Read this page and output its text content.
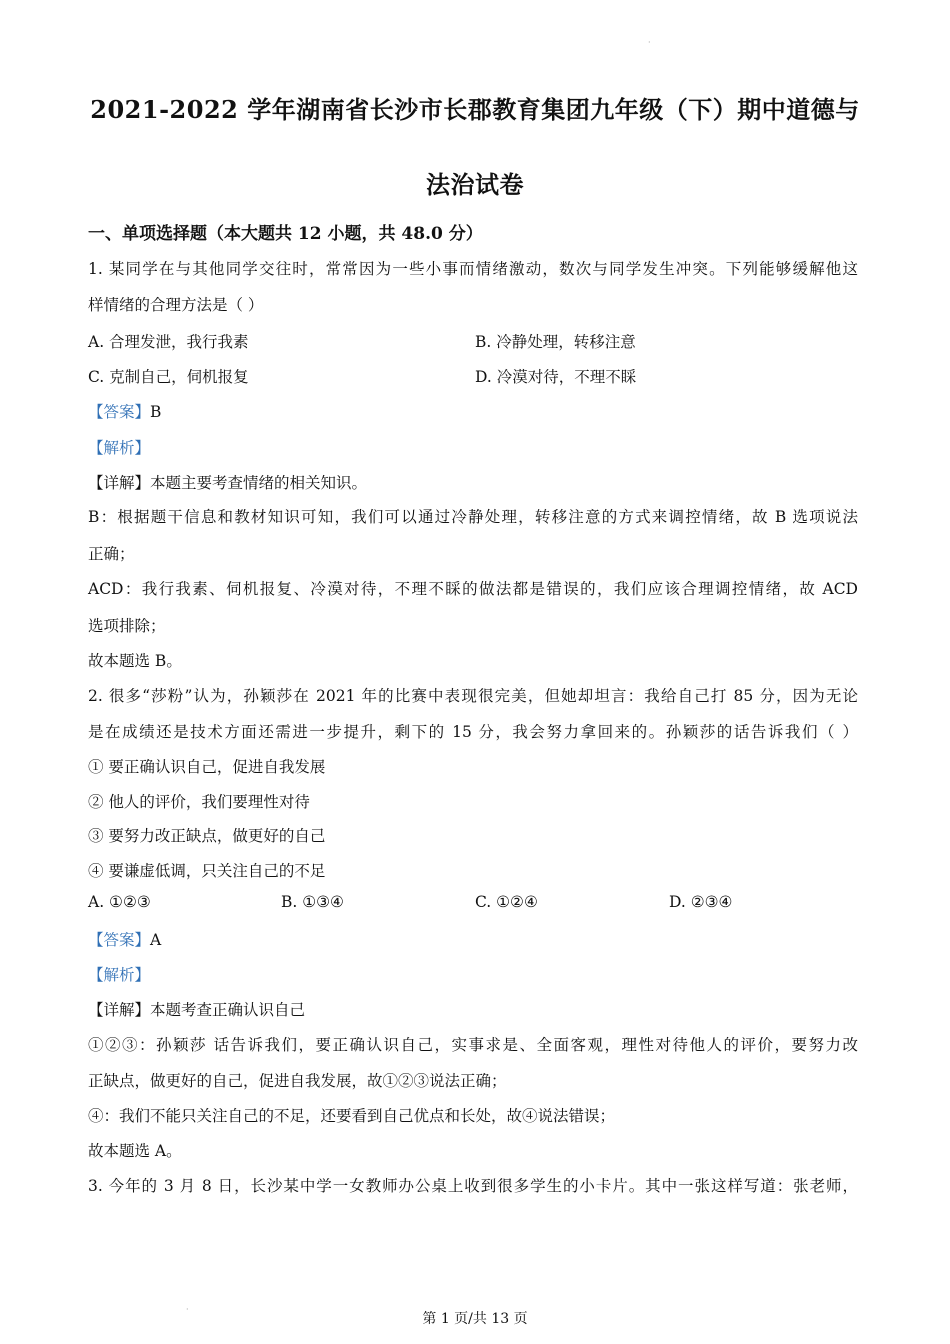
·
2021-2022 学年湖南省长沙市长郡教育集团九年级（下）期中道德与
法治试卷
一、单项选择题（本大题共 12 小题，共 48.0 分）
1. 某同学在与其他同学交往时，常常因为一些小事而情绪激动，数次与同学发生冲突。下列能够缓解他这
样情绪的合理方法是（ ）
A. 合理发泄，我行我素	B. 冷静处理，转移注意
C. 克制自己，伺机报复	D. 冷漠对待，不理不睬
【答案】B
【解析】
【详解】本题主要考查情绪的相关知识。
B：根据题干信息和教材知识可知，我们可以通过冷静处理，转移注意的方式来调控情绪，故 B 选项说法
正确；
ACD：我行我素、伺机报复、冷漠对待，不理不睬的做法都是错误的，我们应该合理调控情绪，故 ACD
选项排除；
故本题选 B。
2. 很多“莎粉”认为，孙颖莎在 2021 年的比赛中表现很完美，但她却坦言：我给自己打 85 分，因为无论
是在成绩还是技术方面还需进一步提升，剩下的 15 分，我会努力拿回来的。孙颖莎的话告诉我们（ ）
① 要正确认识自己，促进自我发展
② 他人的评价，我们要理性对待
③ 要努力改正缺点，做更好的自己
④ 要谦虚低调，只关注自己的不足
A. ①②③	B. ①③④	C. ①②④	D. ②③④
【答案】A
【解析】
【详解】本题考查正确认识自己
①②③：孙颖莎 话告诉我们，要正确认识自己，实事求是、全面客观，理性对待他人的评价，要努力改
正缺点，做更好的自己，促进自我发展，故①②③说法正确；
④：我们不能只关注自己的不足，还要看到自己优点和长处，故④说法错误；
故本题选 A。
3. 今年的 3 月 8 日，长沙某中学一女教师办公桌上收到很多学生的小卡片。其中一张这样写道：张老师，
·
第 1 页/共 13 页
